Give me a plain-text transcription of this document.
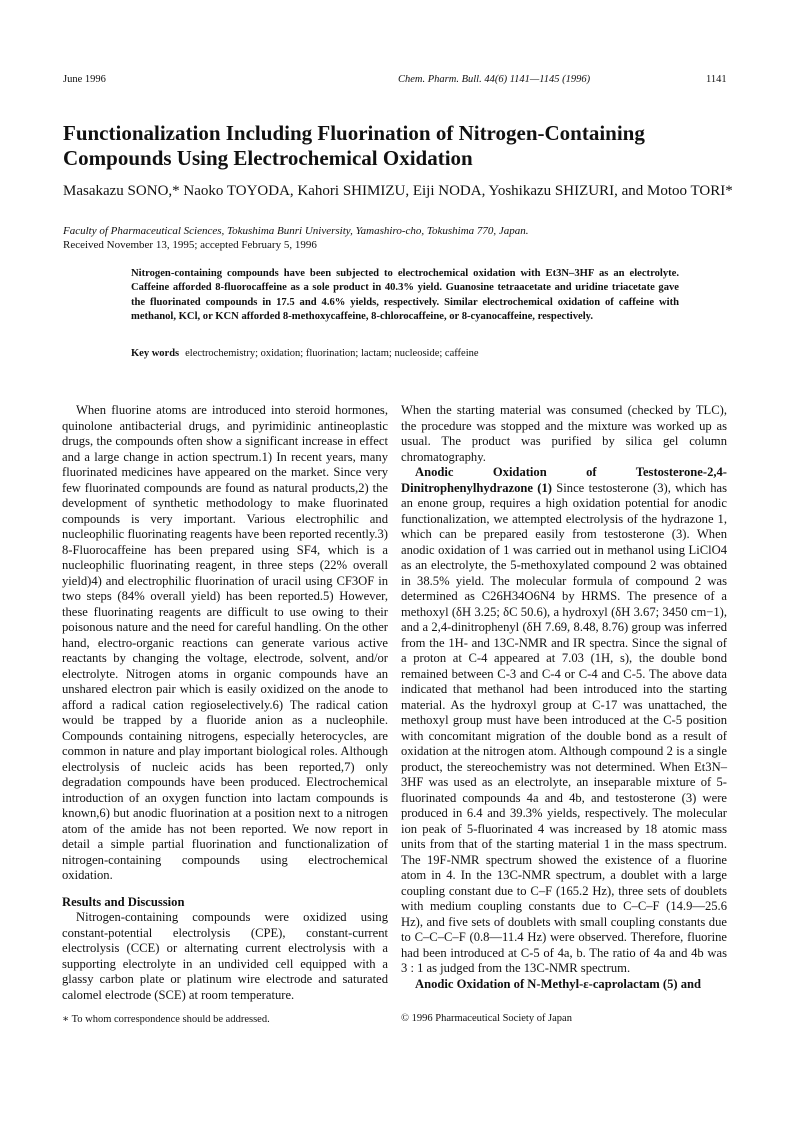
June 1996	Chem. Pharm. Bull. 44(6) 1141—1145 (1996)	1141
Functionalization Including Fluorination of Nitrogen-Containing Compounds Using Electrochemical Oxidation
Masakazu SONO,* Naoko TOYODA, Kahori SHIMIZU, Eiji NODA, Yoshikazu SHIZURI, and Motoo TORI*
Faculty of Pharmaceutical Sciences, Tokushima Bunri University, Yamashiro-cho, Tokushima 770, Japan.
Received November 13, 1995; accepted February 5, 1996

Nitrogen-containing compounds have been subjected to electrochemical oxidation with Et3N–3HF as an electrolyte. Caffeine afforded 8-fluorocaffeine as a sole product in 40.3% yield. Guanosine tetraacetate and uridine triacetate gave the fluorinated compounds in 17.5 and 4.6% yields, respectively. Similar electrochemical oxidation of caffeine with methanol, KCl, or KCN afforded 8-methoxycaffeine, 8-chlorocaffeine, or 8-cyanocaffeine, respectively.

Key words electrochemistry; oxidation; fluorination; lactam; nucleoside; caffeine

When fluorine atoms are introduced into steroid hormones, quinolone antibacterial drugs, and pyrimidinic antineoplastic drugs, the compounds often show a significant increase in effect and a large change in action spectrum.1) In recent years, many fluorinated medicines have appeared on the market. Since very few fluorinated compounds are found as natural products,2) the development of synthetic methodology to make fluorinated compounds is very important. Various electrophilic and nucleophilic fluorinating reagents have been reported recently.3) 8-Fluorocaffeine has been prepared using SF4, which is a nucleophilic fluorinating reagent, in three steps (22% overall yield)4) and electrophilic fluorination of uracil using CF3OF in two steps (84% overall yield) has been reported.5) However, these fluorinating reagents are difficult to use owing to their poisonous nature and the need for careful handling. On the other hand, electro-organic reactions can generate various active reactants by changing the voltage, electrode, solvent, and/or electrolyte. Nitrogen atoms in organic compounds have an unshared electron pair which is easily oxidized on the anode to afford a radical cation regioselectively.6) The radical cation would be trapped by a fluoride anion as a nucleophile. Compounds containing nitrogens, especially heterocycles, are common in nature and play important biological roles. Although electrolysis of nucleic acids has been reported,7) only degradation compounds have been produced. Electrochemical introduction of an oxygen function into lactam compounds is known,6) but anodic fluorination at a position next to a nitrogen atom of the amide has not been reported. We now report in detail a simple partial fluorination and functionalization of nitrogen-containing compounds using electrochemical oxidation.

Results and Discussion

Nitrogen-containing compounds were oxidized using constant-potential electrolysis (CPE), constant-current electrolysis (CCE) or alternating current electrolysis with a supporting electrolyte in an undivided cell equipped with a glassy carbon plate or platinum wire electrode and saturated calomel electrode (SCE) at room temperature.

When the starting material was consumed (checked by TLC), the procedure was stopped and the mixture was worked up as usual. The product was purified by silica gel column chromatography.

Anodic Oxidation of Testosterone-2,4-Dinitrophenylhydrazone (1) Since testosterone (3), which has an enone group, requires a high oxidation potential for anodic functionalization, we attempted electrolysis of the hydrazone 1, which can be prepared easily from testosterone (3). When anodic oxidation of 1 was carried out in methanol using LiClO4 as an electrolyte, the 5-methoxylated compound 2 was obtained in 38.5% yield. The molecular formula of compound 2 was determined as C26H34O6N4 by HRMS. The presence of a methoxyl (δH 3.25; δC 50.6), a hydroxyl (δH 3.67; 3450 cm−1), and a 2,4-dinitrophenyl (δH 7.69, 8.48, 8.76) group was inferred from the 1H- and 13C-NMR and IR spectra. Since the signal of a proton at C-4 appeared at 7.03 (1H, s), the double bond remained between C-3 and C-4 or C-4 and C-5. The above data indicated that methanol had been introduced into the starting material. As the hydroxyl group at C-17 was unattached, the methoxyl group must have been introduced at the C-5 position with concomitant migration of the double bond as a result of oxidation at the nitrogen atom. Although compound 2 is a single product, the stereochemistry was not determined. When Et3N–3HF was used as an electrolyte, an inseparable mixture of 5-fluorinated compounds 4a and 4b, and testosterone (3) were produced in 6.4 and 39.3% yields, respectively. The molecular ion peak of 5-fluorinated 4 was increased by 18 atomic mass units from that of the starting material 1 in the mass spectrum. The 19F-NMR spectrum showed the existence of a fluorine atom in 4. In the 13C-NMR spectrum, a doublet with a large coupling constant due to C–F (165.2 Hz), three sets of doublets with medium coupling constants due to C–C–F (14.9—25.6 Hz), and five sets of doublets with small coupling constants due to C–C–C–F (0.8—11.4 Hz) were observed. Therefore, fluorine had been introduced at C-5 of 4a, b. The ratio of 4a and 4b was 3 : 1 as judged from the 13C-NMR spectrum.

Anodic Oxidation of N-Methyl-ε-caprolactam (5) and

∗ To whom correspondence should be addressed.	© 1996 Pharmaceutical Society of Japan
